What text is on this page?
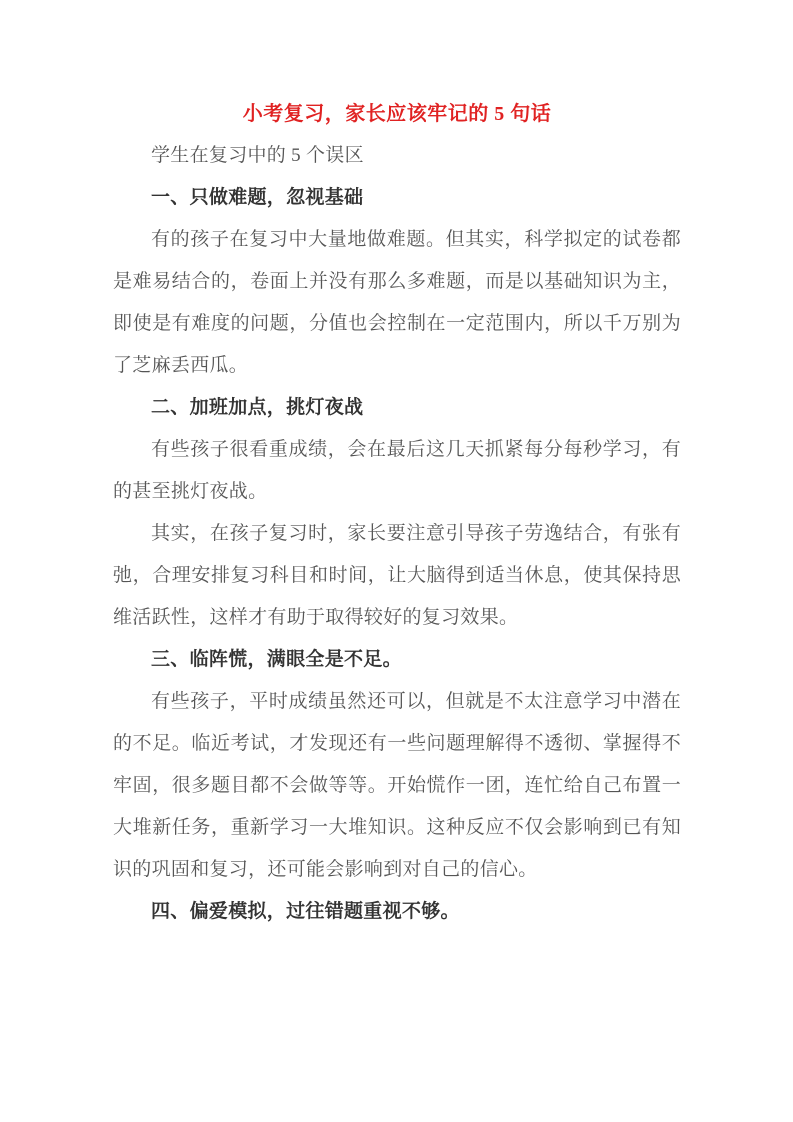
小考复习，家长应该牢记的 5 句话

学生在复习中的 5 个误区

一、只做难题，忽视基础

有的孩子在复习中大量地做难题。但其实，科学拟定的试卷都是难易结合的，卷面上并没有那么多难题，而是以基础知识为主，即使是有难度的问题，分值也会控制在一定范围内，所以千万别为了芝麻丢西瓜。

二、加班加点，挑灯夜战

有些孩子很看重成绩，会在最后这几天抓紧每分每秒学习，有的甚至挑灯夜战。

其实，在孩子复习时，家长要注意引导孩子劳逸结合，有张有弛，合理安排复习科目和时间，让大脑得到适当休息，使其保持思维活跃性，这样才有助于取得较好的复习效果。

三、临阵慌，满眼全是不足。

有些孩子，平时成绩虽然还可以，但就是不太注意学习中潜在的不足。临近考试，才发现还有一些问题理解得不透彻、掌握得不牢固，很多题目都不会做等等。开始慌作一团，连忙给自己布置一大堆新任务，重新学习一大堆知识。这种反应不仅会影响到已有知识的巩固和复习，还可能会影响到对自己的信心。

四、偏爱模拟，过往错题重视不够。
